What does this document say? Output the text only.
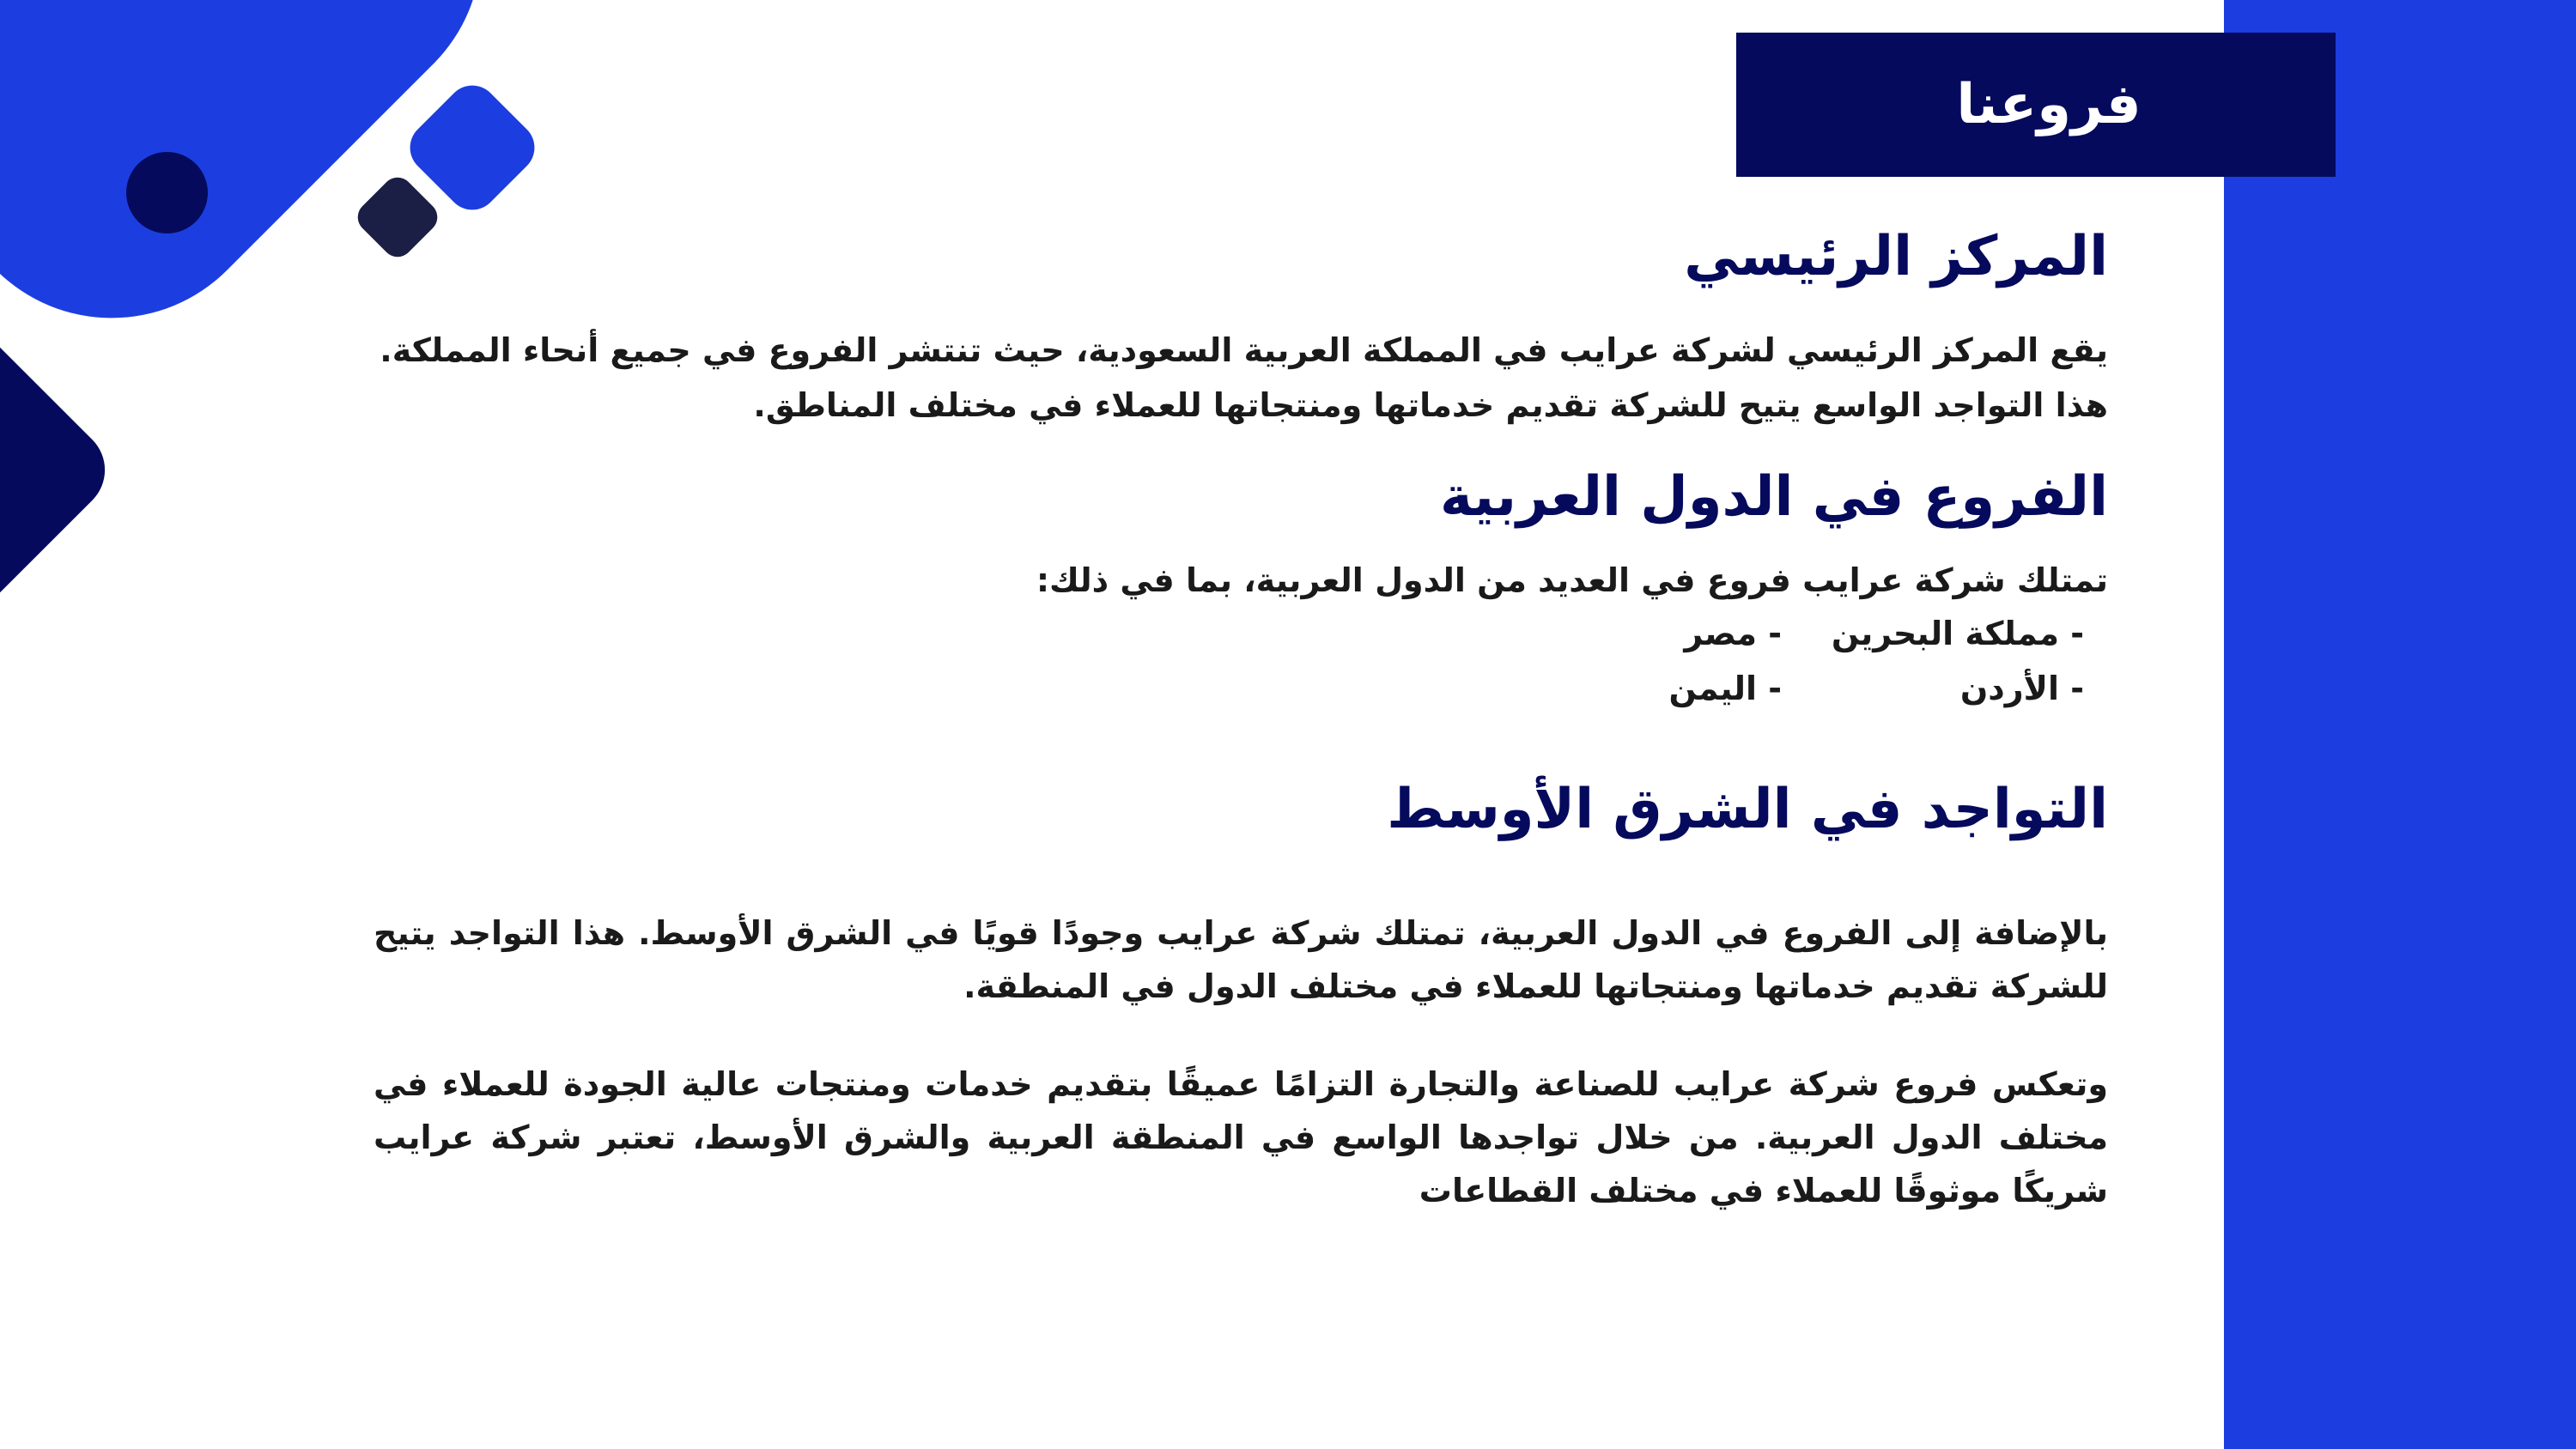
فروعنا
المركز الرئيسي
يقع المركز الرئيسي لشركة عرايب في المملكة العربية السعودية، حيث تنتشر الفروع في جميع أنحاء المملكة.
هذا التواجد الواسع يتيح للشركة تقديم خدماتها ومنتجاتها للعملاء في مختلف المناطق.
الفروع في الدول العربية
تمتلك شركة عرايب فروع في العديد من الدول العربية، بما في ذلك:
- مملكة البحرين
- مصر
- الأردن
- اليمن
التواجد في الشرق الأوسط
بالإضافة إلى الفروع في الدول العربية، تمتلك شركة عرايب وجودًا قويًا في الشرق الأوسط. هذا التواجد يتيح للشركة تقديم خدماتها ومنتجاتها للعملاء في مختلف الدول في المنطقة.
وتعكس فروع شركة عرايب للصناعة والتجارة التزامًا عميقًا بتقديم خدمات ومنتجات عالية الجودة للعملاء في مختلف الدول العربية. من خلال تواجدها الواسع في المنطقة العربية والشرق الأوسط، تعتبر شركة عرايب شريكًا موثوقًا للعملاء في مختلف القطاعات
